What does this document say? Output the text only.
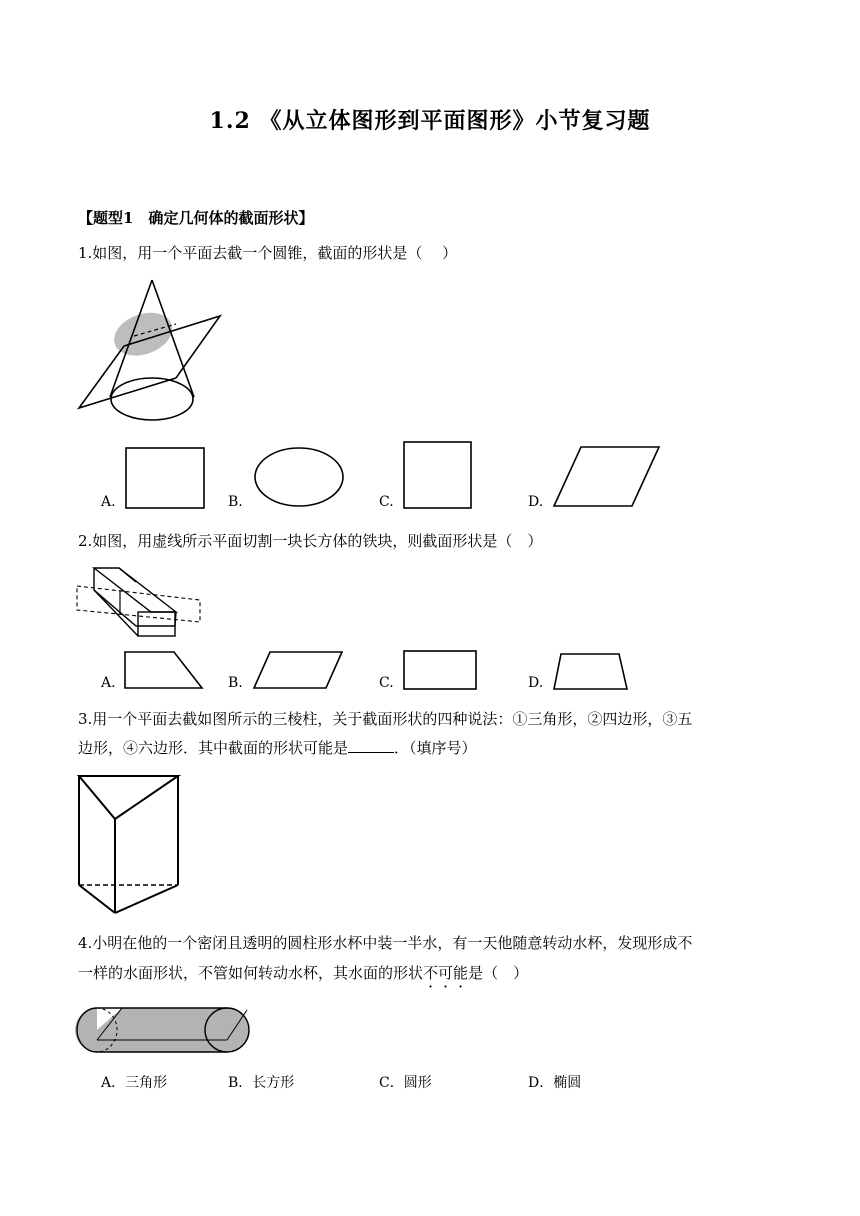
1.2 《从立体图形到平面图形》小节复习题
【题型1　确定几何体的截面形状】
1.如图，用一个平面去截一个圆锥，截面的形状是（　 ）
A.	B.	C.	D.
2.如图，用虚线所示平面切割一块长方体的铁块，则截面形状是（　）
A.	B.	C.	D.
3.用一个平面去截如图所示的三棱柱，关于截面形状的四种说法：①三角形，②四边形，③五
边形，④六边形．其中截面的形状可能是	．（填序号）
4.小明在他的一个密闭且透明的圆柱形水杯中装一半水，有一天他随意转动水杯，发现形成不
一样的水面形状，不管如何转动水杯，其水面的形状不可能是（　）
A．三角形	B．长方形	C．圆形	D．椭圆
